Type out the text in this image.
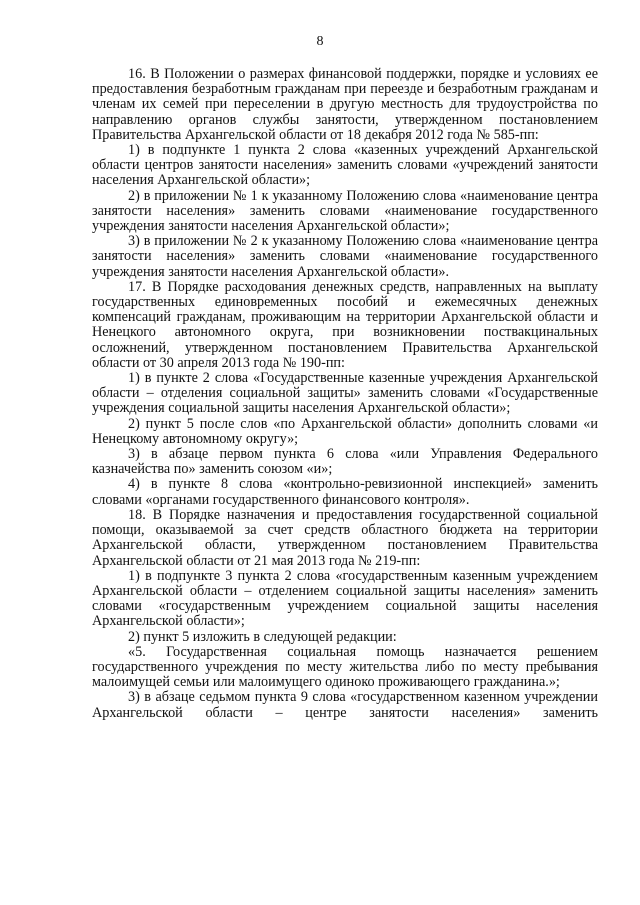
8

16. В Положении о размерах финансовой поддержки, порядке и условиях ее предоставления безработным гражданам при переезде и безработным гражданам и членам их семей при переселении в другую местность для трудоустройства по направлению органов службы занятости, утвержденном постановлением Правительства Архангельской области от 18 декабря 2012 года № 585-пп:

1) в подпункте 1 пункта 2 слова «казенных учреждений Архангельской области центров занятости населения» заменить словами «учреждений занятости населения Архангельской области»;

2) в приложении № 1 к указанному Положению слова «наименование центра занятости населения» заменить словами «наименование государственного учреждения занятости населения Архангельской области»;

3) в приложении № 2 к указанному Положению слова «наименование центра занятости населения» заменить словами «наименование государственного учреждения занятости населения Архангельской области».

17. В Порядке расходования денежных средств, направленных на выплату государственных единовременных пособий и ежемесячных денежных компенсаций гражданам, проживающим на территории Архангельской области и Ненецкого автономного округа, при возникновении поствакцинальных осложнений, утвержденном постановлением Правительства Архангельской области от 30 апреля 2013 года № 190-пп:

1) в пункте 2 слова «Государственные казенные учреждения Архангельской области – отделения социальной защиты» заменить словами «Государственные учреждения социальной защиты населения Архангельской области»;

2) пункт 5 после слов «по Архангельской области» дополнить словами «и Ненецкому автономному округу»;

3) в абзаце первом пункта 6 слова «или Управления Федерального казначейства по» заменить союзом «и»;

4) в пункте 8 слова «контрольно-ревизионной инспекцией» заменить словами «органами государственного финансового контроля».

18. В Порядке назначения и предоставления государственной социальной помощи, оказываемой за счет средств областного бюджета на территории Архангельской области, утвержденном постановлением Правительства Архангельской области от 21 мая 2013 года № 219-пп:

1) в подпункте 3 пункта 2 слова «государственным казенным учреждением Архангельской области – отделением социальной защиты населения» заменить словами «государственным учреждением социальной защиты населения Архангельской области»;

2) пункт 5 изложить в следующей редакции:

«5. Государственная социальная помощь назначается решением государственного учреждения по месту жительства либо по месту пребывания малоимущей семьи или малоимущего одиноко проживающего гражданина.»;

3) в абзаце седьмом пункта 9 слова «государственном казенном учреждении Архангельской области – центре занятости населения» заменить
